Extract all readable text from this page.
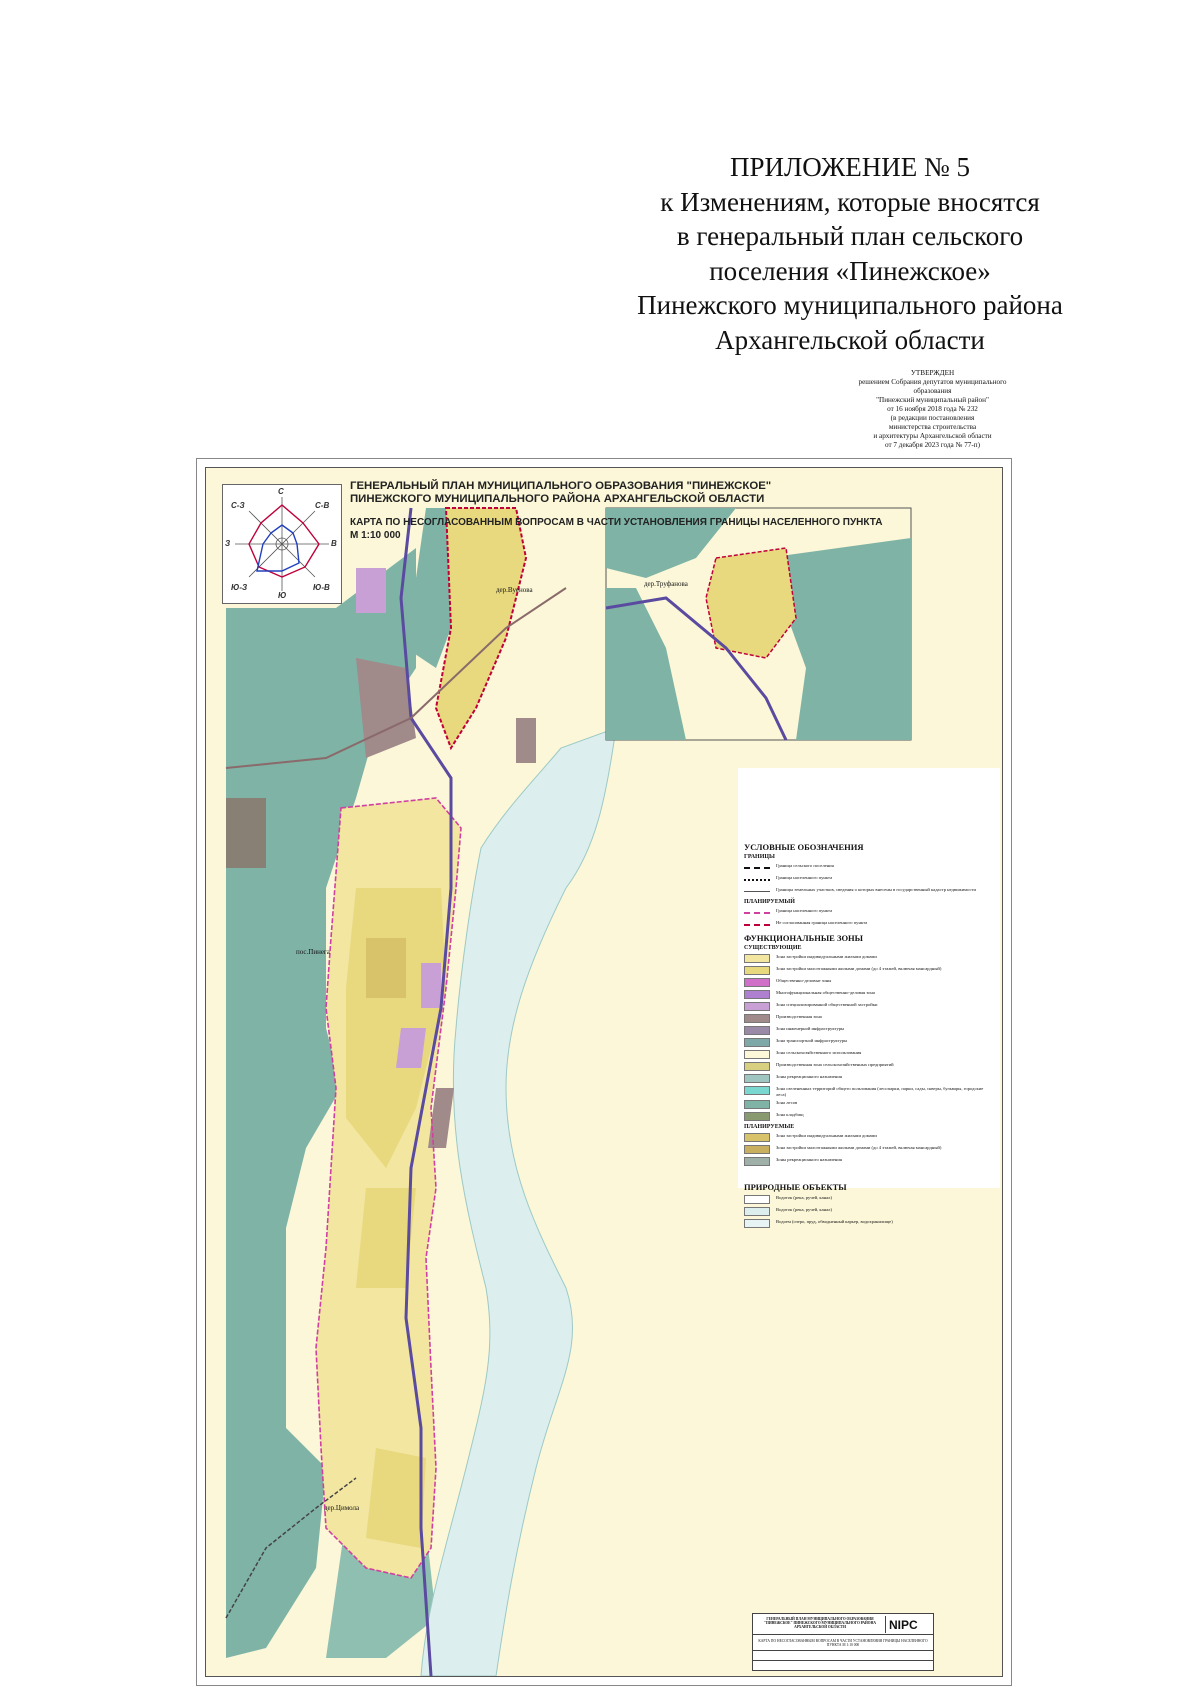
ПРИЛОЖЕНИЕ № 5
к Изменениям, которые вносятся
в генеральный план сельского
поселения «Пинежское»
Пинежского муниципального района
Архангельской области
УТВЕРЖДЕН
решением Собрания депутатов муниципального
образования
"Пинежский муниципальный район"
от 16 ноября 2018 года № 232
(в редакции постановления
министерства строительства
и архитектуры Архангельской области
от 7 декабря 2023 года № 77-п)
ГЕНЕРАЛЬНЫЙ ПЛАН МУНИЦИПАЛЬНОГО ОБРАЗОВАНИЯ "ПИНЕЖСКОЕ"
ПИНЕЖСКОГО МУНИЦИПАЛЬНОГО РАЙОНА АРХАНГЕЛЬСКОЙ ОБЛАСТИ
КАРТА ПО НЕСОГЛАСОВАННЫМ ВОПРОСАМ В ЧАСТИ УСТАНОВЛЕНИЯ ГРАНИЦЫ НАСЕЛЕННОГО ПУНКТА
М 1:10 000
С
С-В
В
Ю-В
Ю
Ю-З
З
С-З
дер.Вуенова
дер.Труфанова
пос.Пинега
дер.Цимола
УСЛОВНЫЕ ОБОЗНАЧЕНИЯ
ГРАНИЦЫ
Граница сельского поселения
Граница населенного пункта
Границы земельных участков, сведения о которых внесены в государственный кадастр недвижимости
ПЛАНИРУЕМЫЙ
Граница населенного пункта
Не согласованная граница населенного пункта
ФУНКЦИОНАЛЬНЫЕ ЗОНЫ
СУЩЕСТВУЮЩИЕ
Зона застройки индивидуальными жилыми домами
Зона застройки малоэтажными жилыми домами (до 4 этажей, включая мансардный)
Общественно-деловые зоны
Многофункциональная общественно-деловая зона
Зона специализированной общественной застройки
Производственная зона
Зона инженерной инфраструктуры
Зона транспортной инфраструктуры
Зона сельскохозяйственного использования
Производственная зона сельскохозяйственных предприятий
Зоны рекреационного назначения
Зона озелененных территорий общего пользования (лесопарки, парки, сады, скверы, бульвары, городские леса)
Зона лесов
Зона кладбищ
ПЛАНИРУЕМЫЕ
Зона застройки индивидуальными жилыми домами
Зона застройки малоэтажными жилыми домами (до 4 этажей, включая мансардный)
Зоны рекреационного назначения
ПРИРОДНЫЕ ОБЪЕКТЫ
Водоток (река, ручей, канал)
Водоток (река, ручей, канал)
Водоем (озеро, пруд, обводненный карьер, водохранилище)
ГЕНЕРАЛЬНЫЙ ПЛАН МУНИЦИПАЛЬНОГО ОБРАЗОВАНИЯ "ПИНЕЖСКОЕ" ПИНЕЖСКОГО МУНИЦИПАЛЬНОГО РАЙОНА АРХАНГЕЛЬСКОЙ ОБЛАСТИ	NIPC
КАРТА ПО НЕСОГЛАСОВАННЫМ ВОПРОСАМ В ЧАСТИ УСТАНОВЛЕНИЯ ГРАНИЦЫ НАСЕЛЕННОГО ПУНКТА М 1:10 000
